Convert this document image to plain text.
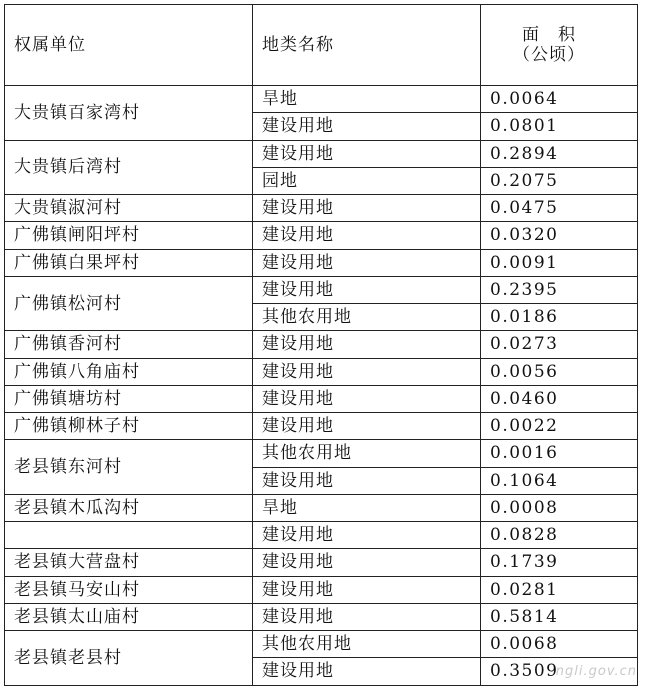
权属单位	地类名称	面　积
（公顷）

大贵镇百家湾村	旱地	0.0064
	建设用地	0.0801
大贵镇后湾村	建设用地	0.2894
	园地	0.2075
大贵镇淑河村	建设用地	0.0475
广佛镇闸阳坪村	建设用地	0.0320
广佛镇白果坪村	建设用地	0.0091
广佛镇松河村	建设用地	0.2395
	其他农用地	0.0186
广佛镇香河村	建设用地	0.0273
广佛镇八角庙村	建设用地	0.0056
广佛镇塘坊村	建设用地	0.0460
广佛镇柳林子村	建设用地	0.0022
老县镇东河村	其他农用地	0.0016
	建设用地	0.1064
老县镇木瓜沟村	旱地	0.0008
	建设用地	0.0828
老县镇大营盘村	建设用地	0.1739
老县镇马安山村	建设用地	0.0281
老县镇太山庙村	建设用地	0.5814
老县镇老县村	其他农用地	0.0068
	建设用地	0.3509
ngli.gov.cn
